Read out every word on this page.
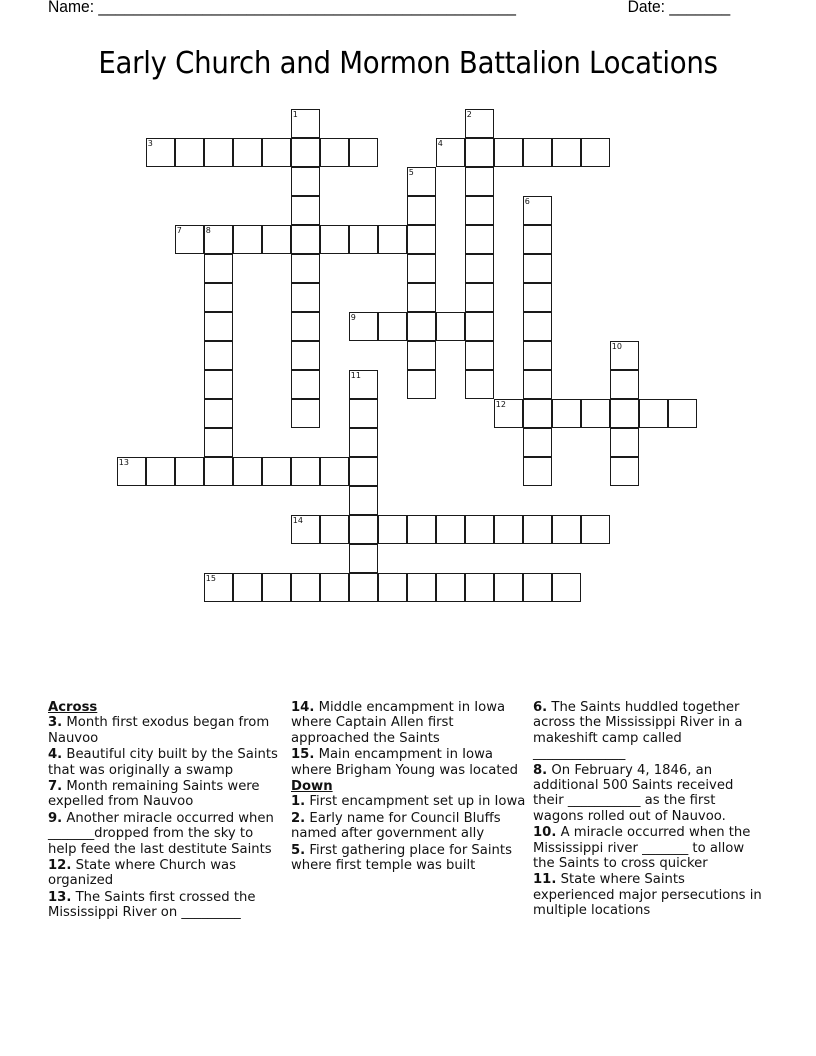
Name: ________________________________________________	Date: _______
Early Church and Mormon Battalion Locations
1	2
3	4
5
6
7	8
9
10
11
12
13
14
15
Across
3. Month first exodus began from Nauvoo
4. Beautiful city built by the Saints that was originally a swamp
7. Month remaining Saints were expelled from Nauvoo
9. Another miracle occurred when _______dropped from the sky to help feed the last destitute Saints
12. State where Church was organized
13. The Saints first crossed the Mississippi River on _________
14. Middle encampment in Iowa where Captain Allen first approached the Saints
15. Main encampment in Iowa where Brigham Young was located
Down
1. First encampment set up in Iowa
2. Early name for Council Bluffs named after government ally
5. First gathering place for Saints where first temple was built
6. The Saints huddled together across the Mississippi River in a makeshift camp called ______________
8. On February 4, 1846, an additional 500 Saints received their ___________ as the first wagons rolled out of Nauvoo.
10. A miracle occurred when the Mississippi river _______ to allow the Saints to cross quicker
11. State where Saints experienced major persecutions in multiple locations
